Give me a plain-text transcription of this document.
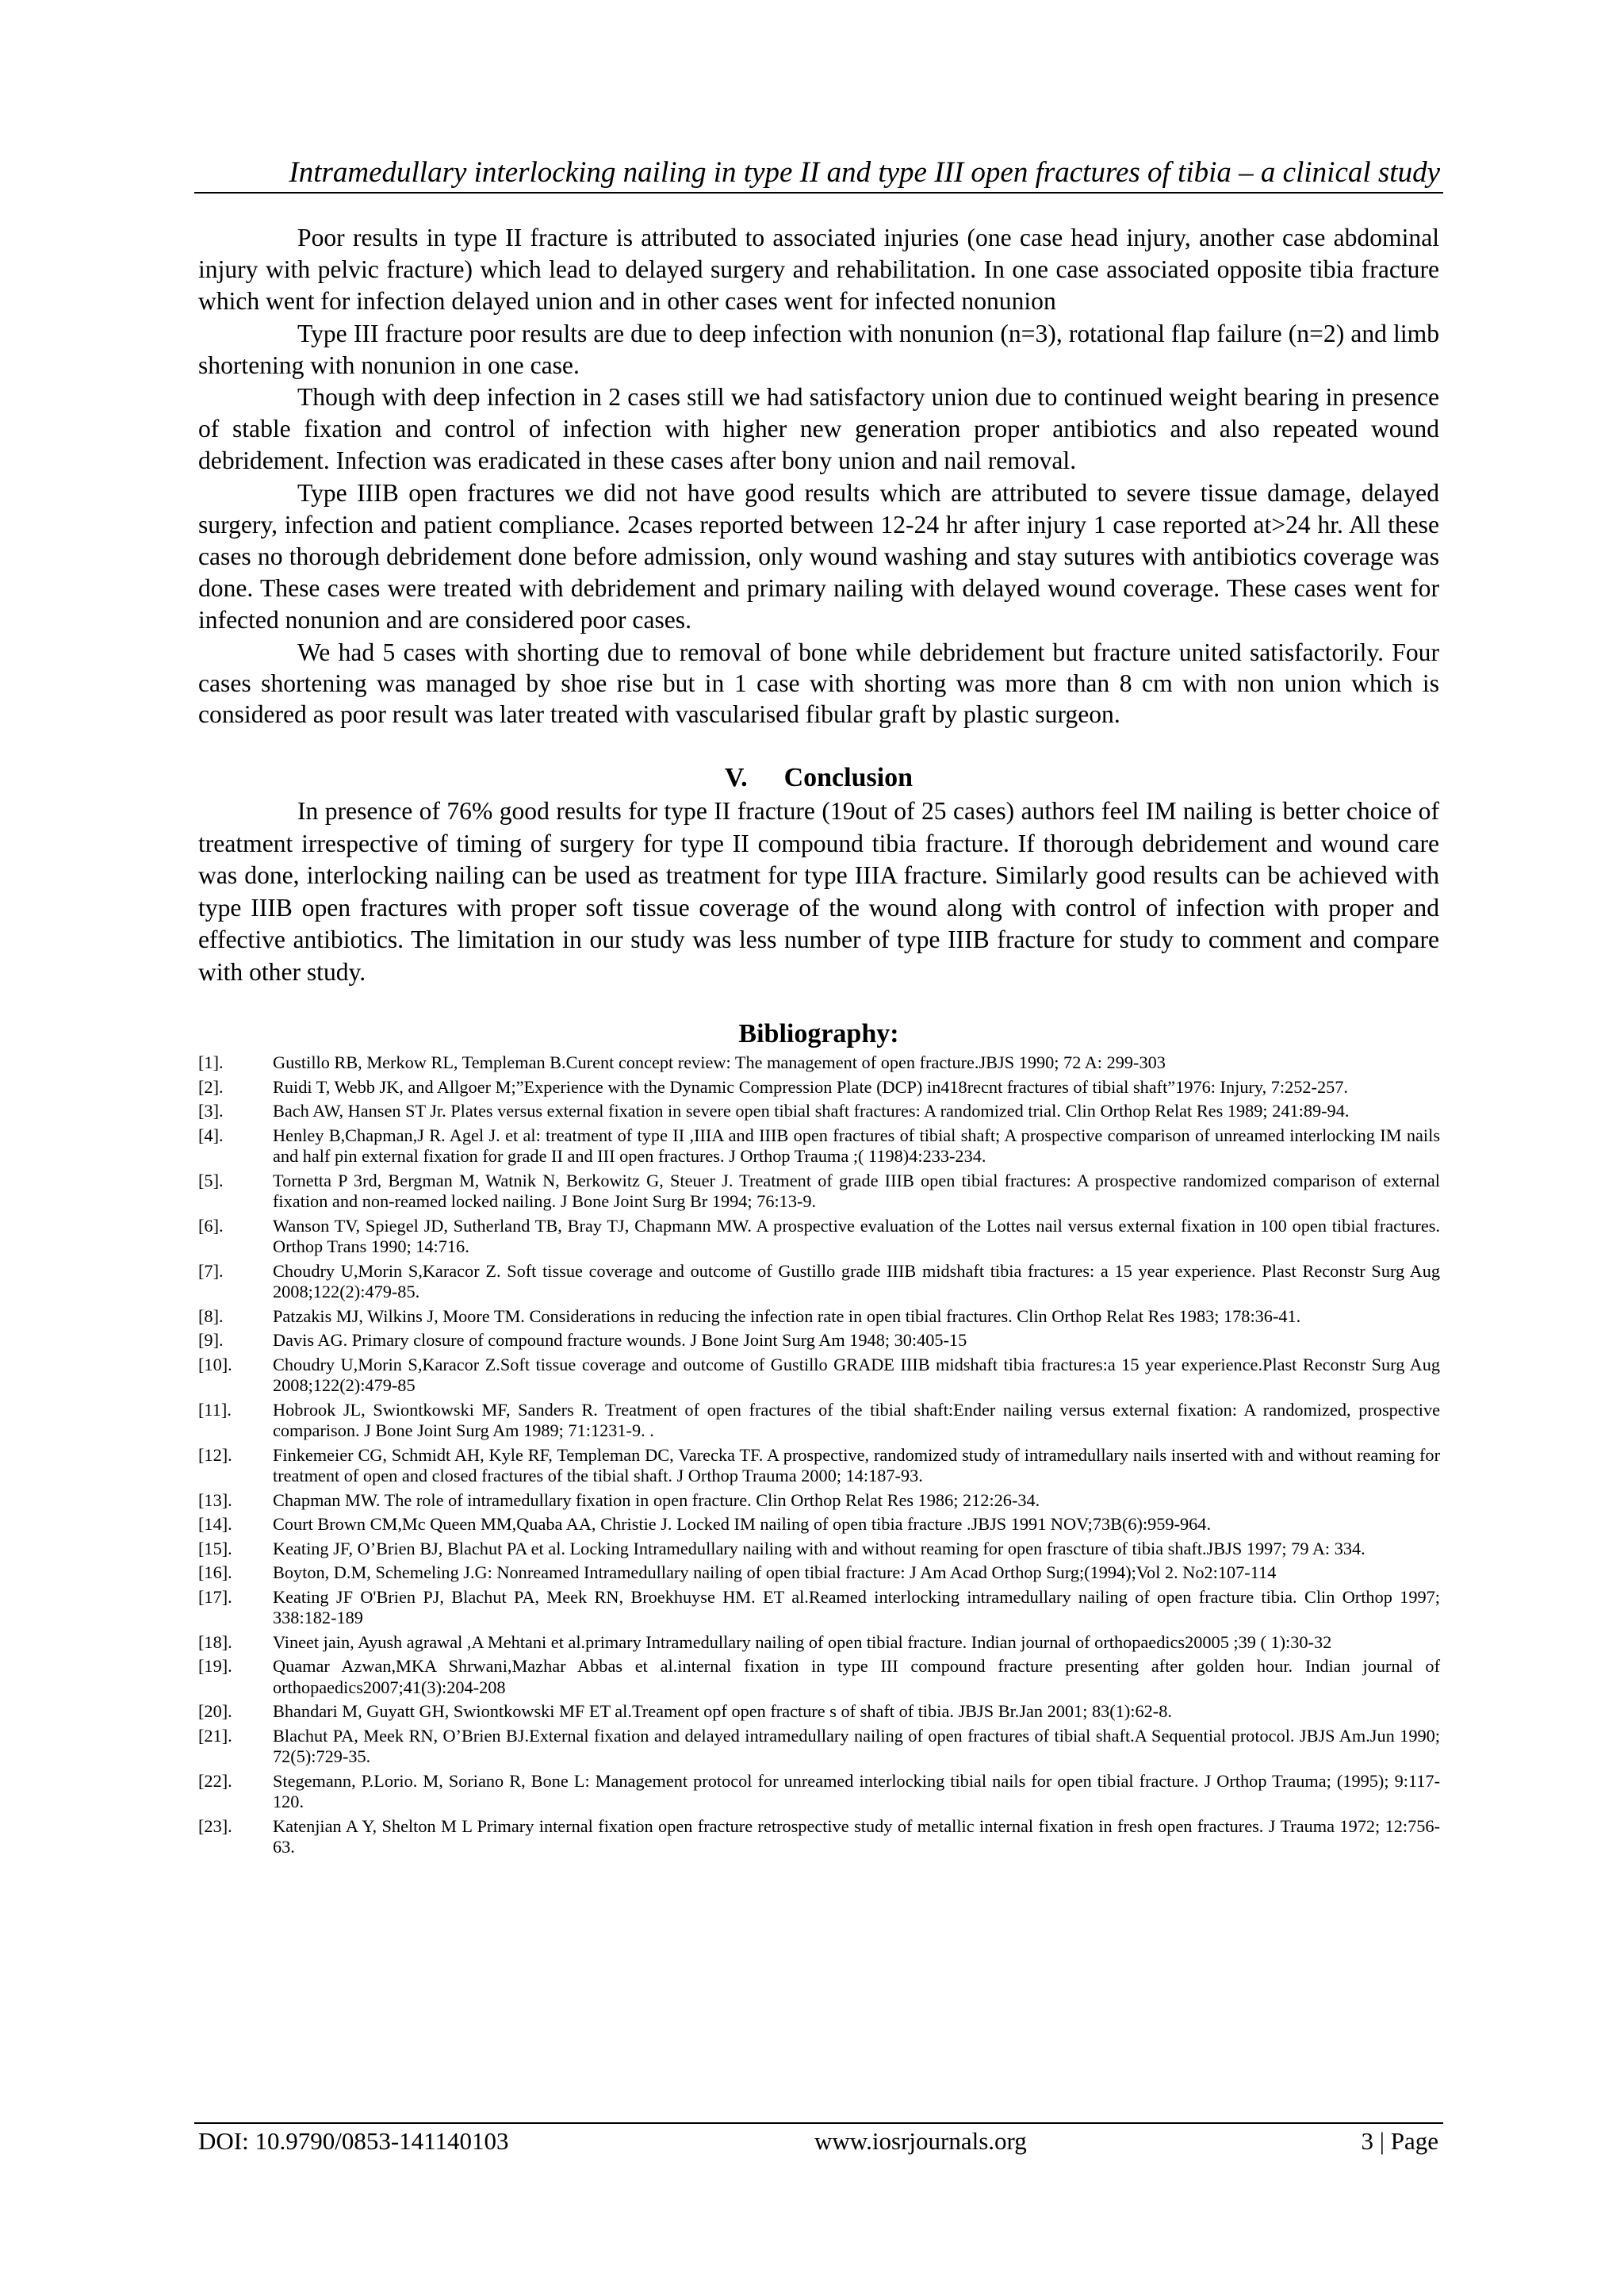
Intramedullary interlocking nailing in type II and type III open fractures of tibia – a clinical study

Poor results in type II fracture is attributed to associated injuries (one case head injury, another case abdominal injury with pelvic fracture) which lead to delayed surgery and rehabilitation. In one case associated opposite tibia fracture which went for infection delayed union and in other cases went for infected nonunion

Type III fracture poor results are due to deep infection with nonunion (n=3), rotational flap failure (n=2) and limb shortening with nonunion in one case.

Though with deep infection in 2 cases still we had satisfactory union due to continued weight bearing in presence of stable fixation and control of infection with higher new generation proper antibiotics and also repeated wound debridement. Infection was eradicated in these cases after bony union and nail removal.

Type IIIB open fractures we did not have good results which are attributed to severe tissue damage, delayed surgery, infection and patient compliance. 2cases reported between 12-24 hr after injury 1 case reported at>24 hr. All these cases no thorough debridement done before admission, only wound washing and stay sutures with antibiotics coverage was done. These cases were treated with debridement and primary nailing with delayed wound coverage. These cases went for infected nonunion and are considered poor cases.

We had 5 cases with shorting due to removal of bone while debridement but fracture united satisfactorily. Four cases shortening was managed by shoe rise but in 1 case with shorting was more than 8 cm with non union which is considered as poor result was later treated with vascularised fibular graft by plastic surgeon.

V. Conclusion

In presence of 76% good results for type II fracture (19out of 25 cases) authors feel IM nailing is better choice of treatment irrespective of timing of surgery for type II compound tibia fracture. If thorough debridement and wound care was done, interlocking nailing can be used as treatment for type IIIA fracture. Similarly good results can be achieved with type IIIB open fractures with proper soft tissue coverage of the wound along with control of infection with proper and effective antibiotics. The limitation in our study was less number of type IIIB fracture for study to comment and compare with other study.

Bibliography:
[1].	Gustillo RB, Merkow RL, Templeman B.Curent concept review: The management of open fracture.JBJS 1990; 72 A: 299-303
[2].	Ruidi T, Webb JK, and Allgoer M;”Experience with the Dynamic Compression Plate (DCP) in418recnt fractures of tibial shaft”1976: Injury, 7:252-257.
[3].	Bach AW, Hansen ST Jr. Plates versus external fixation in severe open tibial shaft fractures: A randomized trial. Clin Orthop Relat Res 1989; 241:89-94.
[4].	Henley B,Chapman,J R. Agel J. et al: treatment of type II ,IIIA and IIIB open fractures of tibial shaft; A prospective comparison of unreamed interlocking IM nails and half pin external fixation for grade II and III open fractures. J Orthop Trauma ;( 1198)4:233-234.
[5].	Tornetta P 3rd, Bergman M, Watnik N, Berkowitz G, Steuer J. Treatment of grade IIIB open tibial fractures: A prospective randomized comparison of external fixation and non-reamed locked nailing. J Bone Joint Surg Br 1994; 76:13-9.
[6].	Wanson TV, Spiegel JD, Sutherland TB, Bray TJ, Chapmann MW. A prospective evaluation of the Lottes nail versus external fixation in 100 open tibial fractures. Orthop Trans 1990; 14:716.
[7].	Choudry U,Morin S,Karacor Z. Soft tissue coverage and outcome of Gustillo grade IIIB midshaft tibia fractures: a 15 year experience. Plast Reconstr Surg Aug 2008;122(2):479-85.
[8].	Patzakis MJ, Wilkins J, Moore TM. Considerations in reducing the infection rate in open tibial fractures. Clin Orthop Relat Res 1983; 178:36-41.
[9].	Davis AG. Primary closure of compound fracture wounds. J Bone Joint Surg Am 1948; 30:405-15
[10].	Choudry U,Morin S,Karacor Z.Soft tissue coverage and outcome of Gustillo GRADE IIIB midshaft tibia fractures:a 15 year experience.Plast Reconstr Surg Aug 2008;122(2):479-85
[11].	Hobrook JL, Swiontkowski MF, Sanders R. Treatment of open fractures of the tibial shaft:Ender nailing versus external fixation: A randomized, prospective comparison. J Bone Joint Surg Am 1989; 71:1231-9. .
[12].	Finkemeier CG, Schmidt AH, Kyle RF, Templeman DC, Varecka TF. A prospective, randomized study of intramedullary nails inserted with and without reaming for treatment of open and closed fractures of the tibial shaft. J Orthop Trauma 2000; 14:187-93.
[13].	Chapman MW. The role of intramedullary fixation in open fracture. Clin Orthop Relat Res 1986; 212:26-34.
[14].	Court Brown CM,Mc Queen MM,Quaba AA, Christie J. Locked IM nailing of open tibia fracture .JBJS 1991 NOV;73B(6):959-964.
[15].	Keating JF, O’Brien BJ, Blachut PA et al. Locking Intramedullary nailing with and without reaming for open frascture of tibia shaft.JBJS 1997; 79 A: 334.
[16].	Boyton, D.M, Schemeling J.G: Nonreamed Intramedullary nailing of open tibial fracture: J Am Acad Orthop Surg;(1994);Vol 2. No2:107-114
[17].	Keating JF O'Brien PJ, Blachut PA, Meek RN, Broekhuyse HM. ET al.Reamed interlocking intramedullary nailing of open fracture tibia. Clin Orthop 1997; 338:182-189
[18].	Vineet jain, Ayush agrawal ,A Mehtani et al.primary Intramedullary nailing of open tibial fracture. Indian journal of orthopaedics20005 ;39 ( 1):30-32
[19].	Quamar Azwan,MKA Shrwani,Mazhar Abbas et al.internal fixation in type III compound fracture presenting after golden hour. Indian journal of orthopaedics2007;41(3):204-208
[20].	Bhandari M, Guyatt GH, Swiontkowski MF ET al.Treament opf open fracture s of shaft of tibia. JBJS Br.Jan 2001; 83(1):62-8.
[21].	Blachut PA, Meek RN, O’Brien BJ.External fixation and delayed intramedullary nailing of open fractures of tibial shaft.A Sequential protocol. JBJS Am.Jun 1990; 72(5):729-35.
[22].	Stegemann, P.Lorio. M, Soriano R, Bone L: Management protocol for unreamed interlocking tibial nails for open tibial fracture. J Orthop Trauma; (1995); 9:117-120.
[23].	Katenjian A Y, Shelton M L Primary internal fixation open fracture retrospective study of metallic internal fixation in fresh open fractures. J Trauma 1972; 12:756-63.
DOI: 10.9790/0853-141140103	www.iosrjournals.org	3 | Page
